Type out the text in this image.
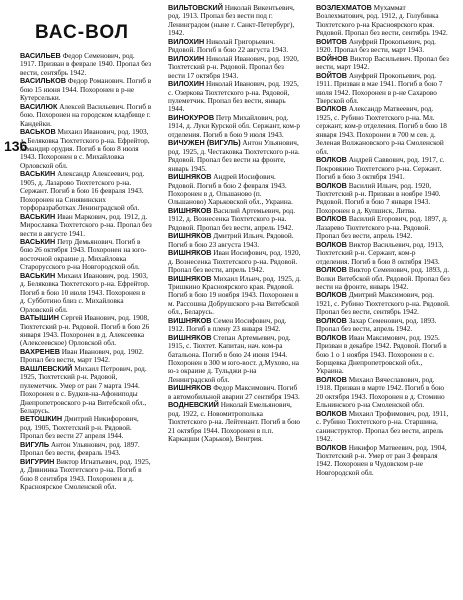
ВАС-ВОЛ
136

ВАСИЛЬЕВ Федор Семенович, род. 1917. Призван в феврале 1940. Пропал без вести, сентябрь 1942.

ВАСИЛЬКОВ Федор Романович. Погиб в бою 15 июня 1944. Похоронен в р-не Кутерсельки.

ВАСИЛЮК Алексей Васильевич. Погиб в бою. Похоронен на городском кладбище г. Кандейки.

ВАСЬКОВ Михаил Иванович, род. 1903, д. Беляковка Тюхтетского р-на. Ефрейтор, командир орудия. Погиб в бою 8 июля 1943. Похоронен в с. Михайловка Орловской обл.

ВАСЬКИН Александр Алексеевич, род. 1905, д. Лазарово Тюхтетского р-на. Сержант. Погиб в бою 16 февраля 1943. Похоронен на Синявинских торфоразработках Ленинградской обл.

ВАСЬКИН Иван Маркович, род. 1912, д. Мирославка Тюхтетского р-на. Пропал без вести в августе 1941.

ВАСЬКИН Петр Демьянович. Погиб в бою 26 октября 1943. Похоронен на юго-восточной окраине д. Михайловка Старорусского р-на Новгородской обл.

ВАСЬКИН Михаил Иванович, род. 1903, д. Беляковка Тюхтетского р-на. Ефрейтор. Погиб в бою 10 июля 1943. Похоронен в д. Субботино близ с. Михайловка Орловской обл.

ВАТЫШИН Сергей Иванович, род. 1908, Тюхтетский р-н. Рядовой. Погиб в бою 26 января 1943. Похоронен в д. Алексеевка (Алексеевское) Орловской обл.

ВАХРЕНЕВ Иван Иванович, род. 1902. Пропал без вести, март 1942.

ВАШЛЕВСКИЙ Михаил Петрович, род. 1925, Тюхтетский р-н. Рядовой, пулеметчик. Умер от ран 7 марта 1944. Похоронен в с. Будков-на-Афониподы Днепропетровского р-на Витебской обл., Беларусь.

ВЕТОШКИН Дмитрий Никифорович, род. 1905, Тюхтетский р-н. Рядовой. Пропал без вести 27 апреля 1944.

ВИГУЛЬ Антон Ульянович, род. 1897. Пропал без вести, февраль 1943.

ВИГУРИН Виктор Игнатьевич, род. 1925, д. Дивнинка Тюхтетского р-на. Погиб в бою 8 сентября 1943. Похоронен в д. Красноярское Смоленской обл.

ВИЛЬТОВСКИЙ Николай Викентьевич, род. 1913. Пропал без вести под г. Ленинградом (ныне г. Санкт-Петербург), 1942.

ВИЛОХИН Николай Григорьевич. Рядовой. Погиб в бою 22 августа 1943.

ВИЛОХИН Николай Иванович, род. 1920, Тюхтетский р-н. Рядовой. Пропал без вести 17 октября 1943.

ВИЛОХИН Николай Иванович, род. 1925, с. Озеркова Тюхтетского р-на. Рядовой, пулеметчик. Пропал без вести, январь 1944.

ВИНОКУРОВ Петр Михайлович, род. 1914, д. Луки Курской обл. Сержант, ком-р отделения. Погиб в бою 9 июля 1943.

ВИЧУЖЕН (ВИГУЛЬ) Антон Ульянович, род. 1925, д. Честаковка Тюхтетского р-на. Рядовой. Пропал без вести на фронте, январь 1945.

ВИШНЯКОВ Андрей Иосифович. Рядовой. Погиб в бою 2 февраля 1943. Похоронен в д. Ольшаново (п. Ольшаново) Харьковской обл., Украина.

ВИШНЯКОВ Василий Артемьевич, род. 1912, д. Вознесенка Тюхтетского р-на. Рядовой. Пропал без вести, апрель 1942.

ВИШНЯКОВ Дмитрий Ильич. Рядовой. Погиб в бою 23 августа 1943.

ВИШНЯКОВ Иван Иосифович, род. 1920, д. Вознесенка Тюхтетского р-на. Рядовой. Пропал без вести, апрель 1942.

ВИШНЯКОВ Михаил Ильич, род. 1925, д. Тришкино Красноярского края. Рядовой. Погиб в бою 19 ноября 1943. Похоронен в м. Рассошна Добрушского р-на Витебской обл., Беларусь.

ВИШНЯКОВ Семен Иосифович, род. 1912. Погиб в плену 23 января 1942.

ВИШНЯКОВ Степан Артемьевич, род. 1915, с. Тюхтет. Капитан, нач. ком-ра батальона. Погиб в бою 24 июня 1944. Похоронен в 300 м юго-вост. д.Мухово, на ю-з окраине д. Тульджи р-на Ленинградской обл.

ВИШНЯКОВ Федор Максимович. Погиб в автомобильной аварии 27 сентября 1943.

ВОДНЕВСКИЙ Николай Емельянович, род. 1922, с. Новомитрополька Тюхтетского р-на. Лейтенант. Погиб в бою 21 октября 1944. Похоронен в п.п. Каркацши (Харьков), Венгрия.

ВОЗЛЕХМАТОВ Мухаммат Возлехматович, род. 1912, д. Голубинка Тюхтетского р-на Красноярского края. Рядовой. Пропал без вести, сентябрь 1942.

ВОИТОВ Ануфрий Прокопьевич, род. 1920. Пропал без вести, март 1943.

ВОЙНОВ Виктор Васильевич. Пропал без вести, март 1942.

ВОЙТОВ Ануфрий Прокопьевич, род. 1911. Призван в мае 1941. Погиб в бою 7 июля 1942. Похоронен в р-не Сахарово Тверской обл.

ВОЛКОВ Александр Матвеевич, род. 1925, с. Рубино Тюхтетского р-на. Мл. сержант, ком-р отделения. Погиб в бою 18 января 1943. Похоронен в 700 м сев. д. Зеленая Волжановского р-на Смоленской обл.

ВОЛКОВ Андрей Саввович, род. 1917, с. Покровкино Тюхтетского р-на. Сержант. Погиб в бою 3 октября 1941.

ВОЛКОВ Василий Ильич, род. 1920, Тюхтетский р-н. Призван в ноябре 1940. Рядовой. Погиб в бою 7 января 1943. Похоронен в д. Купшиск, Литва.

ВОЛКОВ Василий Егорович, род. 1897, д. Лазарево Тюхтетского р-на. Рядовой. Пропал без вести, апрель 1942.

ВОЛКОВ Виктор Васильевич, род. 1913, Тюхтетский р-н. Сержант, ком-р отделения. Погиб в бою 8 октября 1943.

ВОЛКОВ Виктор Семенович, род. 1893, д. Волки Витебской обл. Рядовой. Пропал без вести на фронте, январь 1942.

ВОЛКОВ Дмитрий Максимович, род. 1921, с. Рубино Тюхтетского р-на. Рядовой. Пропал без вести, сентябрь 1942.

ВОЛКОВ Захар Семенович, род. 1893. Пропал без вести, апрель 1942.

ВОЛКОВ Иван Максимович, род. 1925. Призван в декабре 1942. Рядовой. Погиб в бою 1 о 1 ноября 1943. Похоронен в с. Борщевка Днепропетровской обл., Украина.

ВОЛКОВ Михаил Вячеславович, род. 1918. Призван в марте 1942. Погиб в бою 20 октября 1943. Похоронен в д. Стомино Ельнинского р-на Смоленской обл.

ВОЛКОВ Михаил Трофимович, род. 1911, с. Рубино Тюхтетского р-на. Старшина, санинструктор. Пропал без вести, апрель 1942.

ВОЛКОВ Никифор Матвеевич, род. 1904, Тюхтетский р-н. Умер от ран 3 февраля 1942. Похоронен в Чудовском р-не Новгородской обл.
